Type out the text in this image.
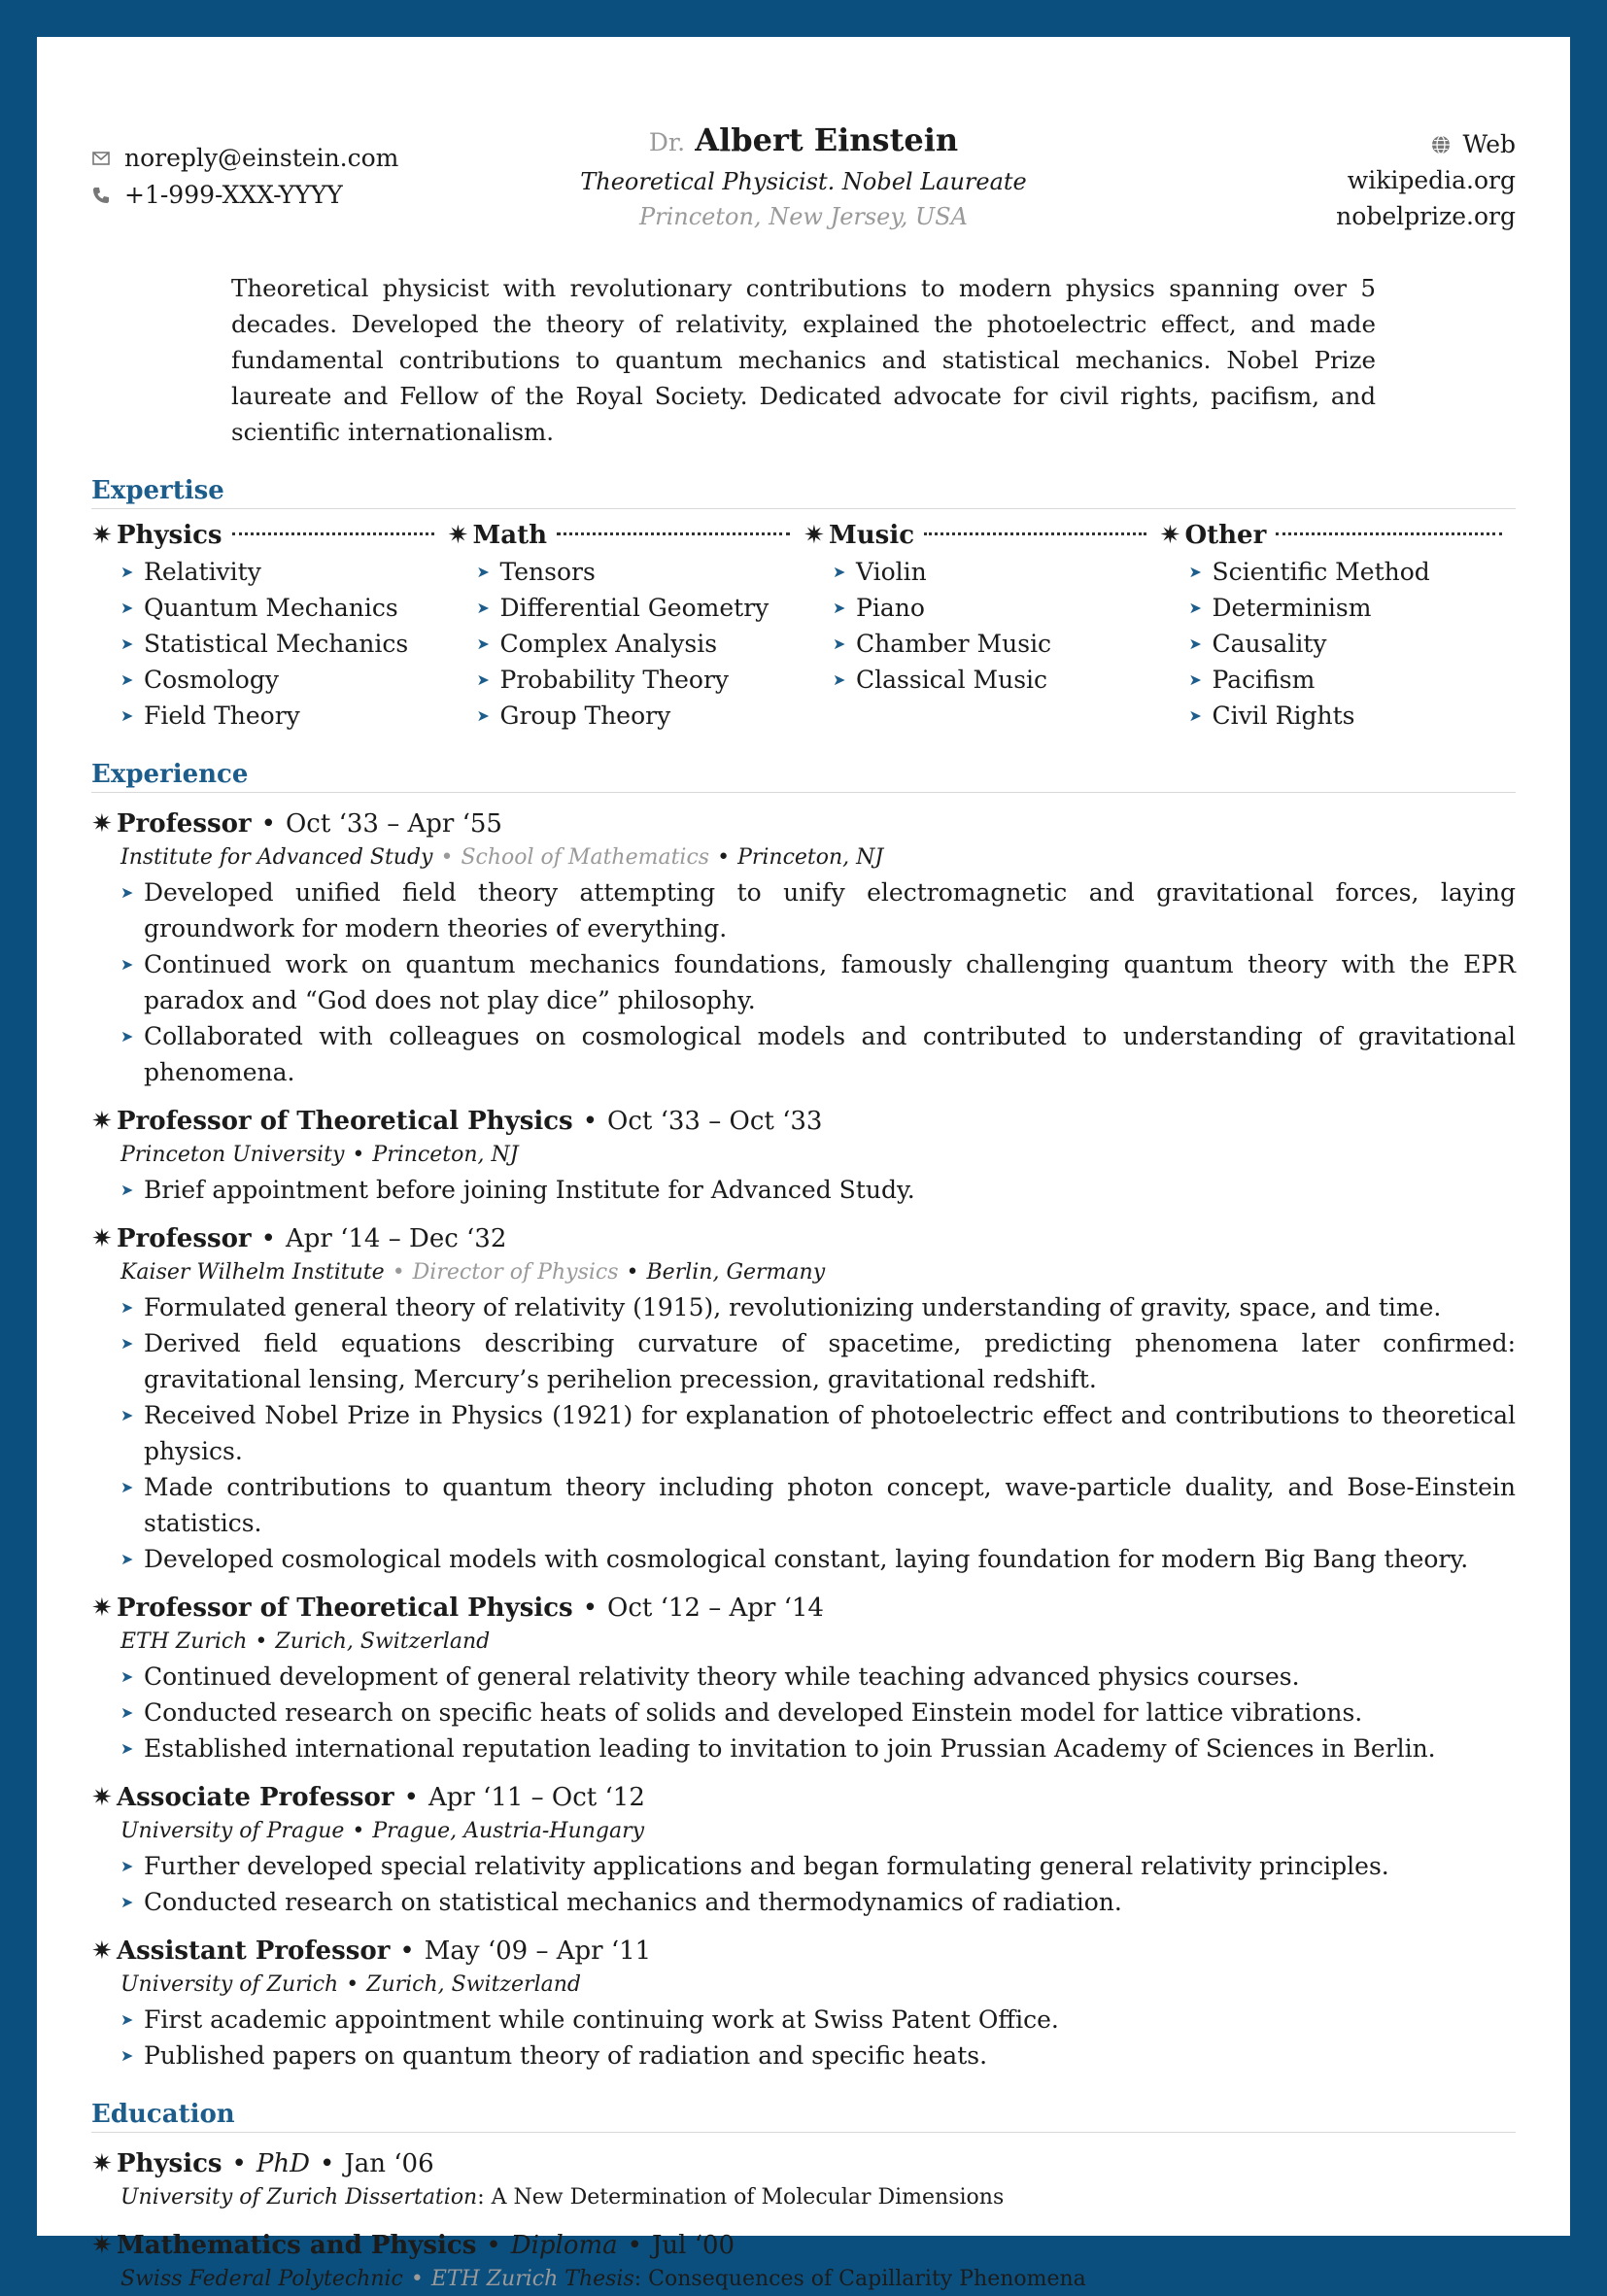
noreply@einstein.com
+1-999-XXX-YYYY
Dr. Albert Einstein
Theoretical Physicist. Nobel Laureate
Princeton, New Jersey, USA
Web
wikipedia.org
nobelprize.org
Theoretical physicist with revolutionary contributions to modern physics spanning over 5 decades. Developed the theory of relativity, explained the photoelectric effect, and made fundamental contributions to quantum mechanics and statistical mechanics. Nobel Prize laureate and Fellow of the Royal Society. Dedicated advocate for civil rights, pacifism, and scientific internationalism.
Expertise
✷ Physics
➤ Relativity
➤ Quantum Mechanics
➤ Statistical Mechanics
➤ Cosmology
➤ Field Theory
✷ Math
➤ Tensors
➤ Differential Geometry
➤ Complex Analysis
➤ Probability Theory
➤ Group Theory
✷ Music
➤ Violin
➤ Piano
➤ Chamber Music
➤ Classical Music
✷ Other
➤ Scientific Method
➤ Determinism
➤ Causality
➤ Pacifism
➤ Civil Rights
Experience
✷ Professor • Oct ‘33 – Apr ‘55
Institute for Advanced Study • School of Mathematics • Princeton, NJ
➤ Developed unified field theory attempting to unify electromagnetic and gravitational forces, laying groundwork for modern theories of everything.
➤ Continued work on quantum mechanics foundations, famously challenging quantum theory with the EPR paradox and “God does not play dice” philosophy.
➤ Collaborated with colleagues on cosmological models and contributed to understanding of gravitational phenomena.
✷ Professor of Theoretical Physics • Oct ‘33 – Oct ‘33
Princeton University • Princeton, NJ
➤ Brief appointment before joining Institute for Advanced Study.
✷ Professor • Apr ‘14 – Dec ‘32
Kaiser Wilhelm Institute • Director of Physics • Berlin, Germany
➤ Formulated general theory of relativity (1915), revolutionizing understanding of gravity, space, and time.
➤ Derived field equations describing curvature of spacetime, predicting phenomena later confirmed: gravitational lensing, Mercury’s perihelion precession, gravitational redshift.
➤ Received Nobel Prize in Physics (1921) for explanation of photoelectric effect and contributions to theoretical physics.
➤ Made contributions to quantum theory including photon concept, wave-particle duality, and Bose-Einstein statistics.
➤ Developed cosmological models with cosmological constant, laying foundation for modern Big Bang theory.
✷ Professor of Theoretical Physics • Oct ‘12 – Apr ‘14
ETH Zurich • Zurich, Switzerland
➤ Continued development of general relativity theory while teaching advanced physics courses.
➤ Conducted research on specific heats of solids and developed Einstein model for lattice vibrations.
➤ Established international reputation leading to invitation to join Prussian Academy of Sciences in Berlin.
✷ Associate Professor • Apr ‘11 – Oct ‘12
University of Prague • Prague, Austria-Hungary
➤ Further developed special relativity applications and began formulating general relativity principles.
➤ Conducted research on statistical mechanics and thermodynamics of radiation.
✷ Assistant Professor • May ‘09 – Apr ‘11
University of Zurich • Zurich, Switzerland
➤ First academic appointment while continuing work at Swiss Patent Office.
➤ Published papers on quantum theory of radiation and specific heats.
Education
✷ Physics • PhD • Jan ‘06
University of Zurich Dissertation: A New Determination of Molecular Dimensions
✷ Mathematics and Physics • Diploma • Jul ‘00
Swiss Federal Polytechnic • ETH Zurich Thesis: Consequences of Capillarity Phenomena
